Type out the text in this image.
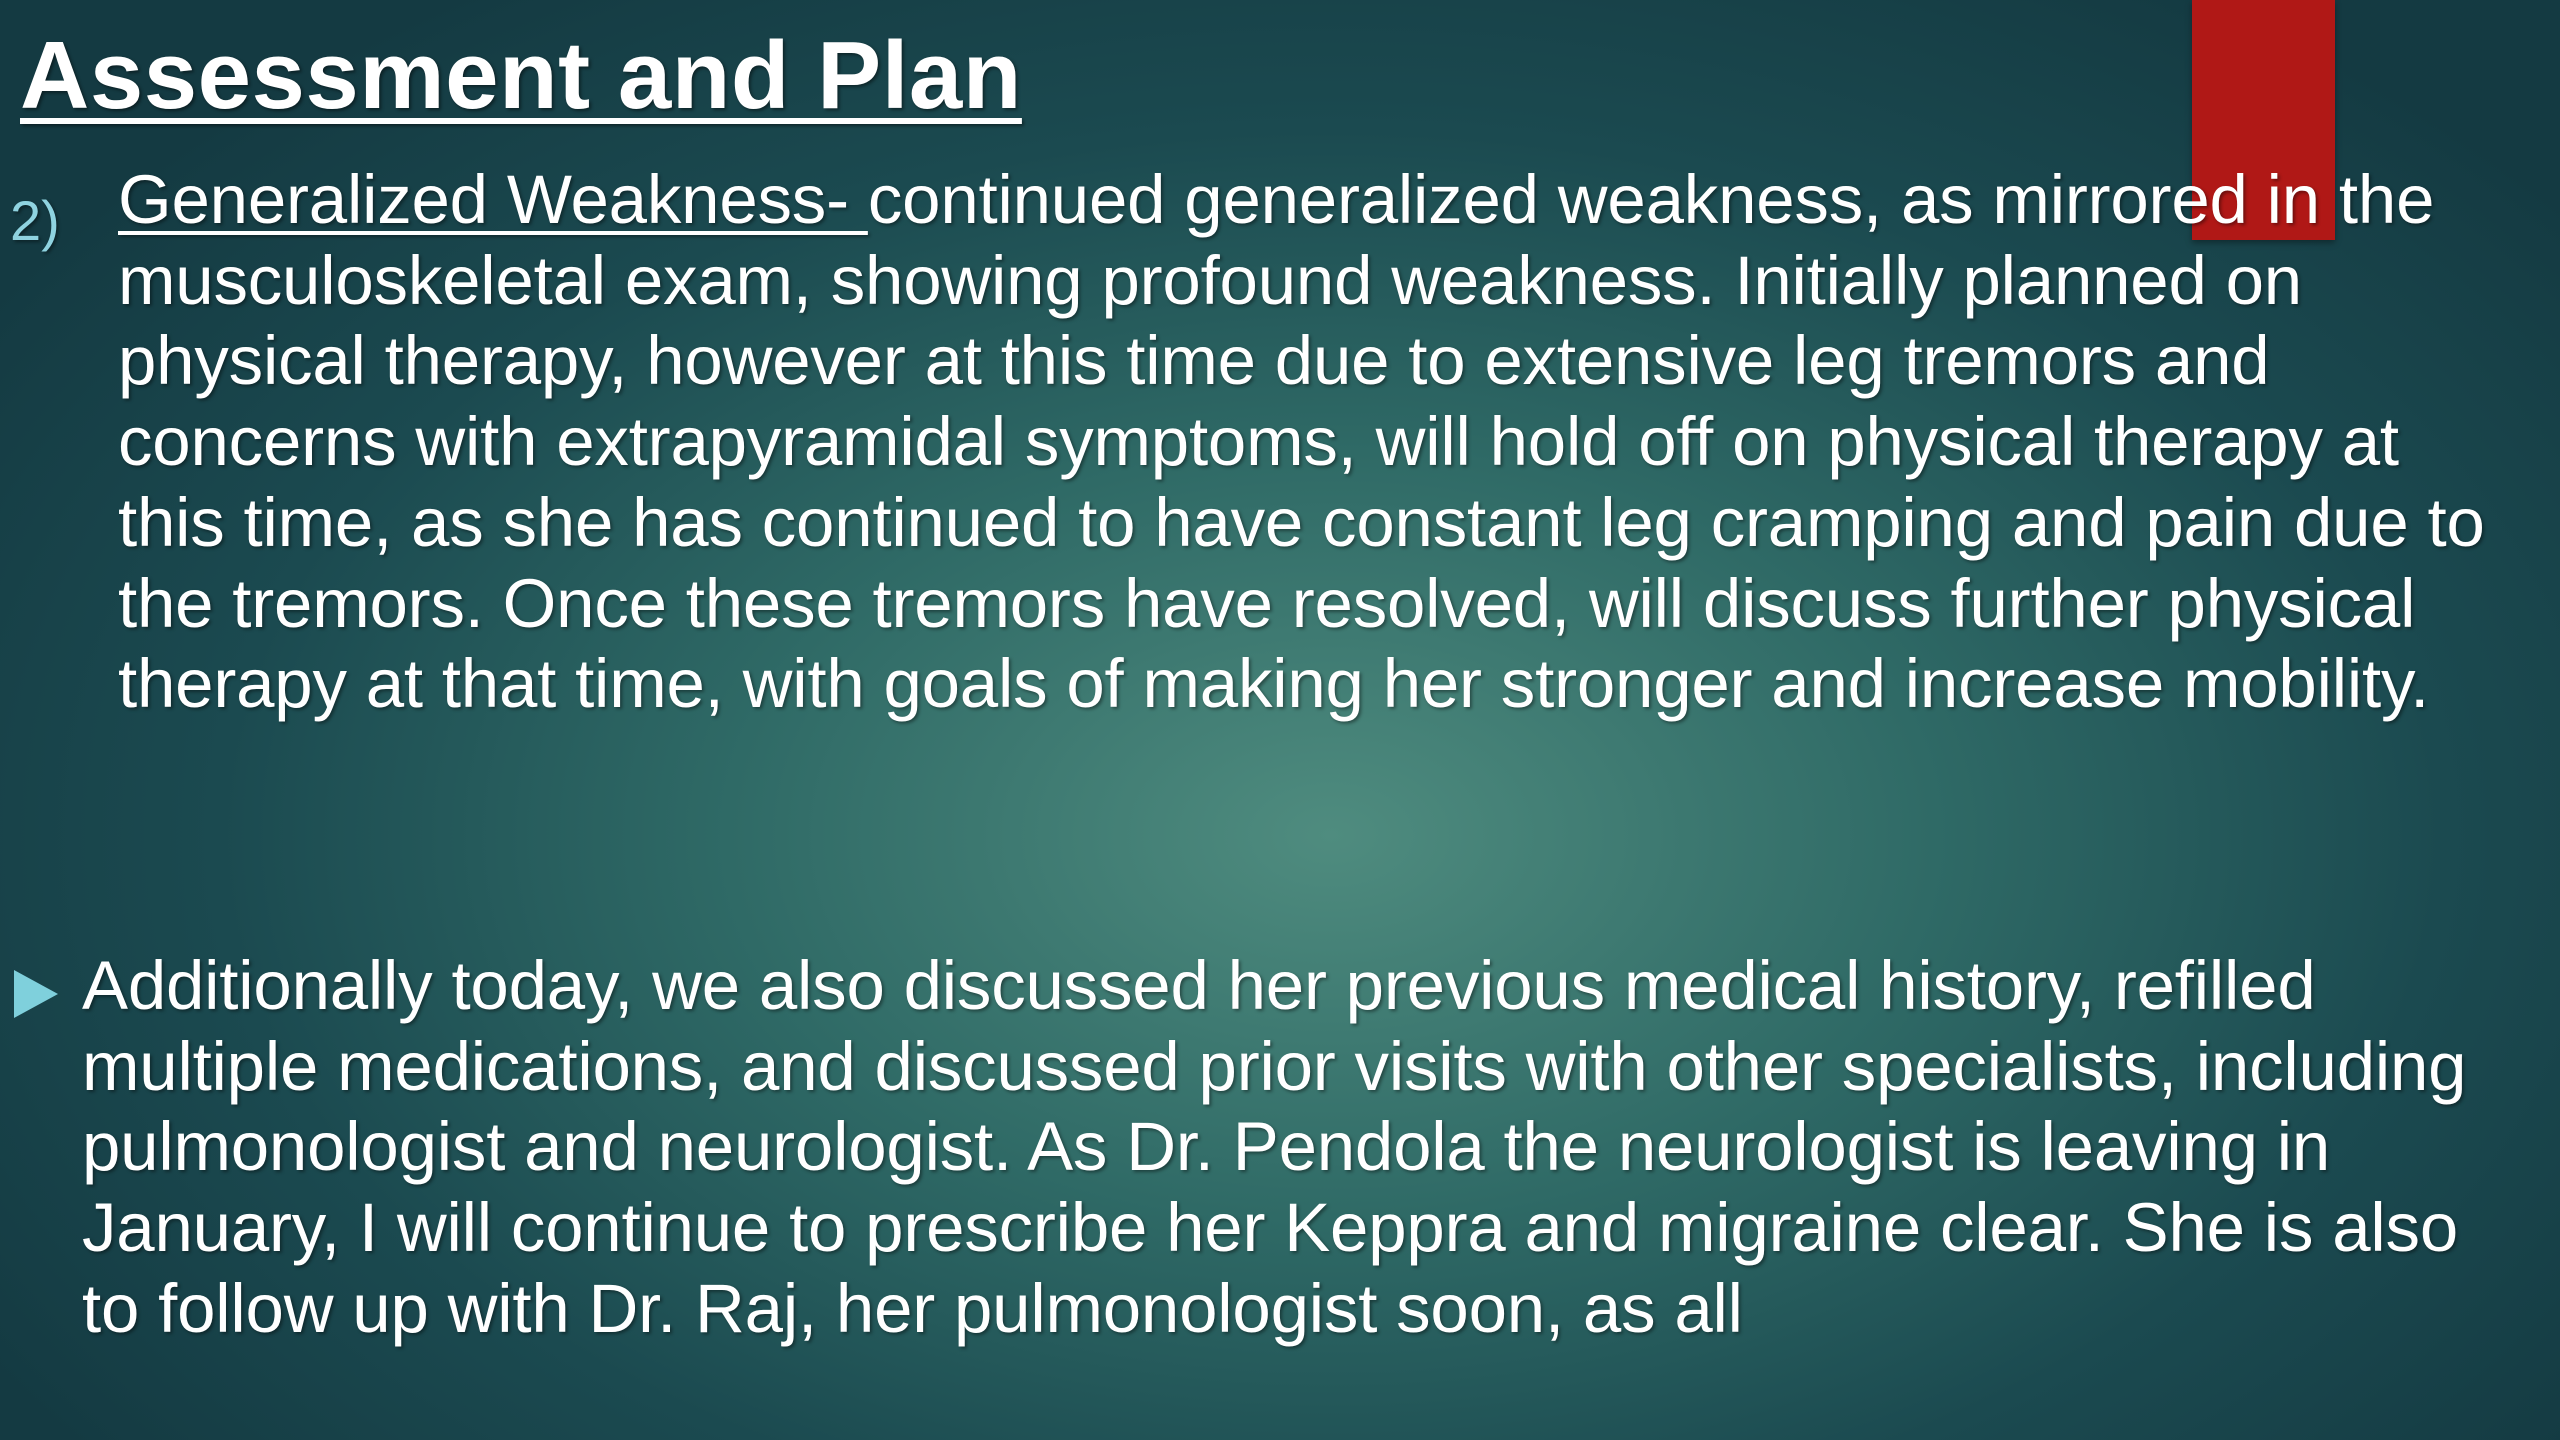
Assessment and Plan
2) Generalized Weakness- continued generalized weakness, as mirrored in the musculoskeletal exam, showing profound weakness. Initially planned on physical therapy, however at this time due to extensive leg tremors and concerns with extrapyramidal symptoms, will hold off on physical therapy at this time, as she has continued to have constant leg cramping and pain due to the tremors. Once these tremors have resolved, will discuss further physical therapy at that time, with goals of making her stronger and increase mobility.

Additionally today, we also discussed her previous medical history, refilled multiple medications, and discussed prior visits with other specialists, including pulmonologist and neurologist. As Dr. Pendola the neurologist is leaving in January, I will continue to prescribe her Keppra and migraine clear. She is also to follow up with Dr. Raj, her pulmonologist soon, as all
